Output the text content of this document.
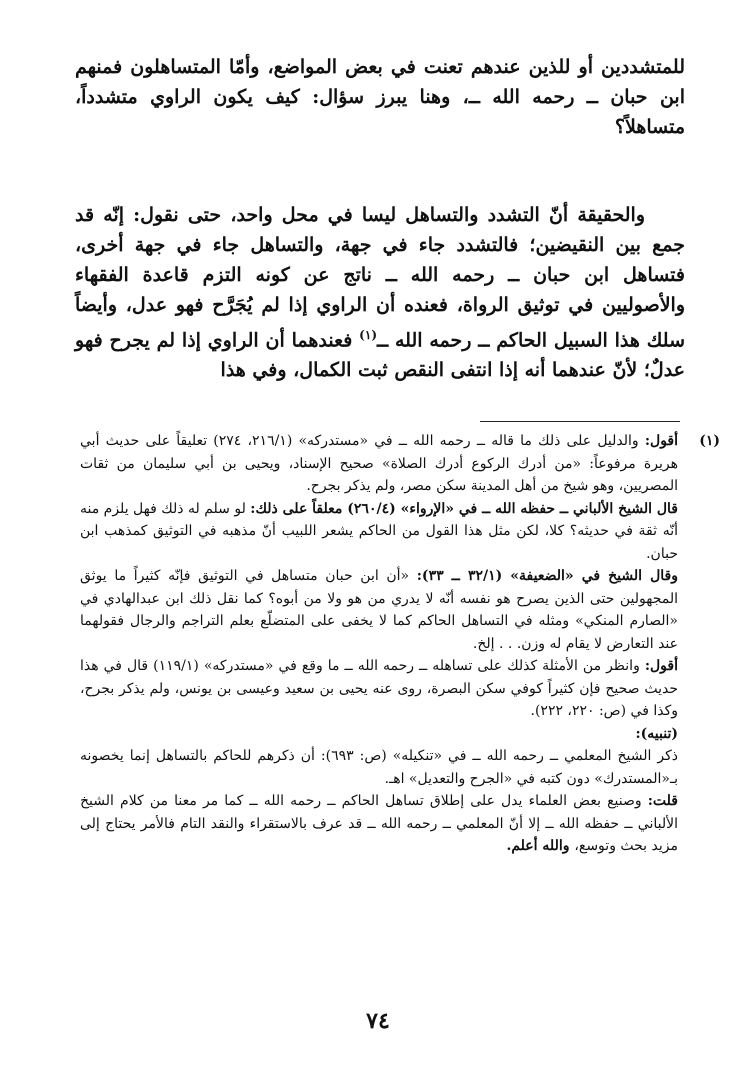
للمتشددين أو للذين عندهم تعنت في بعض المواضع، وأمّا المتساهلون فمنهم ابن حبان ــ رحمه الله ــ، وهنا يبرز سؤال: كيف يكون الراوي متشدداً، متساهلاً؟

والحقيقة أنّ التشدد والتساهل ليسا في محل واحد، حتى نقول: إنّه قد جمع بين النقيضين؛ فالتشدد جاء في جهة، والتساهل جاء في جهة أخرى، فتساهل ابن حبان ــ رحمه الله ــ ناتج عن كونه التزم قاعدة الفقهاء والأصوليين في توثيق الرواة، فعنده أن الراوي إذا لم يُجَرَّح فهو عدل، وأيضاً سلك هذا السبيل الحاكم ــ رحمه الله ــ$^{(١)}$ فعندهما أن الراوي إذا لم يجرح فهو عدلٌ؛ لأنّ عندهما أنه إذا انتفى النقص ثبت الكمال، وفي هذا

(١)

أقول: والدليل على ذلك ما قاله ــ رحمه الله ــ في «مستدركه» (٢١٦/١، ٢٧٤) تعليقاً على حديث أبي هريرة مرفوعاً: «من أدرك الركوع أدرك الصلاة» صحيح الإسناد، ويحيى بن أبي سليمان من ثقات المصريين، وهو شيخ من أهل المدينة سكن مصر، ولم يذكر بجرح.

قال الشيخ الألباني ــ حفظه الله ــ في «الإرواء» (٢٦٠/٤) معلقاً على ذلك: لو سلم له ذلك فهل يلزم منه أنّه ثقة في حديثه؟ كلا، لكن مثل هذا القول من الحاكم يشعر اللبيب أنّ مذهبه في التوثيق كمذهب ابن حبان.

وقال الشيخ في «الضعيفة» (٣٢/١ ــ ٣٣): «أن ابن حبان متساهل في التوثيق فإنّه كثيراً ما يوثق المجهولين حتى الذين يصرح هو نفسه أنّه لا يدري من هو ولا من أبوه؟ كما نقل ذلك ابن عبدالهادي في «الصارم المنكي» ومثله في التساهل الحاكم كما لا يخفى على المتضلّع بعلم التراجم والرجال فقولهما عند التعارض لا يقام له وزن. . . إلخ.

أقول: وانظر من الأمثلة كذلك على تساهله ــ رحمه الله ــ ما وقع في «مستدركه» (١١٩/١) قال في هذا حديث صحيح فإن كثيراً كوفي سكن البصرة، روى عنه يحيى بن سعيد وعيسى بن يونس، ولم يذكر بجرح، وكذا في (ص: ٢٢٠، ٢٢٢).

(تنبيه):

ذكر الشيخ المعلمي ــ رحمه الله ــ في «تنكيله» (ص: ٦٩٣): أن ذكرهم للحاكم بالتساهل إنما يخصونه بـ«المستدرك» دون كتبه في «الجرح والتعديل» اهـ.

قلت: وصنيع بعض العلماء يدل على إطلاق تساهل الحاكم ــ رحمه الله ــ كما مر معنا من كلام الشيخ الألباني ــ حفظه الله ــ إلا أنّ المعلمي ــ رحمه الله ــ قد عرف بالاستقراء والنقد التام فالأمر يحتاج إلى مزيد بحث وتوسع، والله أعلم.

٧٤
